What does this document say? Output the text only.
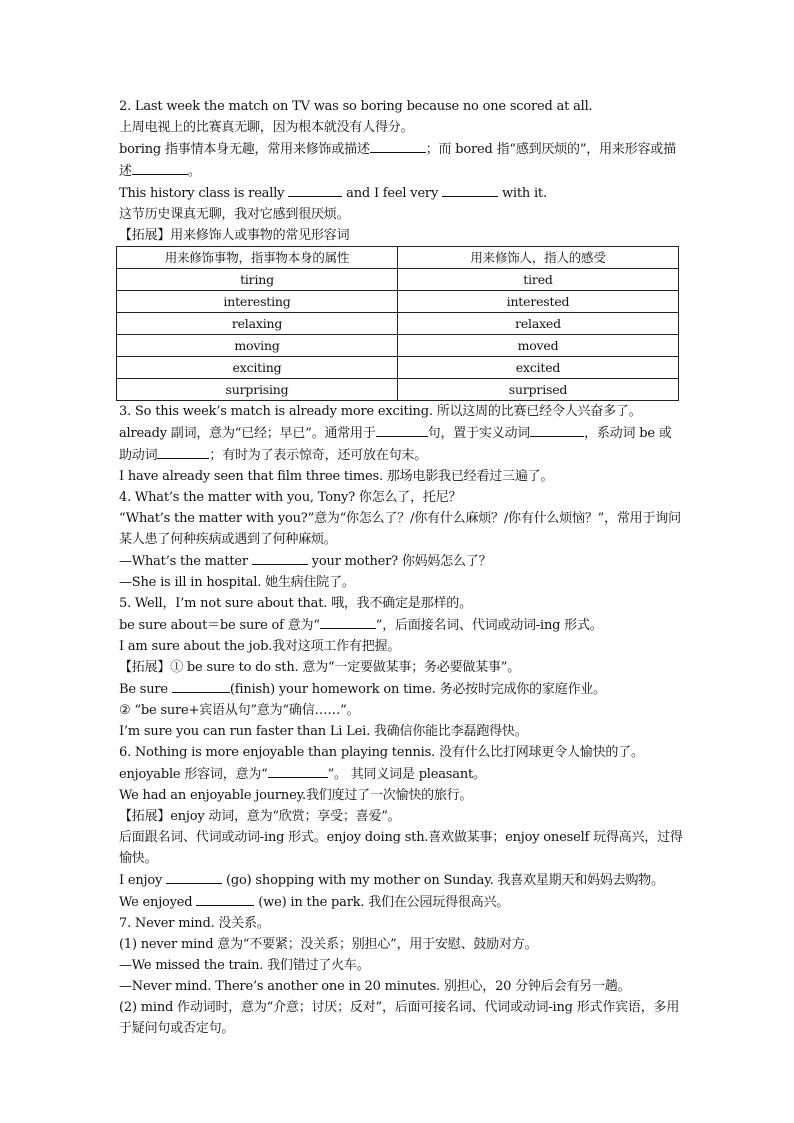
2. Last week the match on TV was so boring because no one scored at all.

上周电视上的比赛真无聊，因为根本就没有人得分。

boring 指事情本身无趣，常用来修饰或描述	；而 bored 指“感到厌烦的”，用来形容或描述	。

This history class is really	and I feel very	with it.

这节历史课真无聊，我对它感到很厌烦。

【拓展】用来修饰人或事物的常见形容词

用来修饰事物，指事物本身的属性	用来修饰人，指人的感受
tiring	tired
interesting	interested
relaxing	relaxed
moving	moved
exciting	excited
surprising	surprised

3. So this week’s match is already more exciting. 所以这周的比赛已经令人兴奋多了。

already 副词，意为“已经；早已”。通常用于	句，置于实义动词	，系动词 be 或助动词	；有时为了表示惊奇，还可放在句末。

I have already seen that film three times. 那场电影我已经看过三遍了。

4. What’s the matter with you, Tony? 你怎么了，托尼？

“What’s the matter with you?”意为“你怎么了？/你有什么麻烦？/你有什么烦恼？”，常用于询问某人患了何种疾病或遇到了何种麻烦。

—What’s the matter	your mother? 你妈妈怎么了？

—She is ill in hospital. 她生病住院了。

5. Well，I’m not sure about that. 哦，我不确定是那样的。

be sure about＝be sure of 意为“	”，后面接名词、代词或动词-ing 形式。

I am sure about the job.我对这项工作有把握。

【拓展】① be sure to do sth. 意为“一定要做某事；务必要做某事”。

Be sure	(finish) your homework on time. 务必按时完成你的家庭作业。

② “be sure+宾语从句”意为“确信……”。

I’m sure you can run faster than Li Lei. 我确信你能比李磊跑得快。

6. Nothing is more enjoyable than playing tennis. 没有什么比打网球更令人愉快的了。

enjoyable 形容词，意为“	”。 其同义词是 pleasant。

We had an enjoyable journey.我们度过了一次愉快的旅行。

【拓展】enjoy 动词，意为“欣赏；享受；喜爱”。

后面跟名词、代词或动词-ing 形式。enjoy doing sth.喜欢做某事；enjoy oneself 玩得高兴，过得愉快。

I enjoy	(go) shopping with my mother on Sunday. 我喜欢星期天和妈妈去购物。

We enjoyed	(we) in the park. 我们在公园玩得很高兴。

7. Never mind. 没关系。

(1) never mind 意为“不要紧；没关系；别担心”，用于安慰、鼓励对方。

—We missed the train. 我们错过了火车。

—Never mind. There’s another one in 20 minutes. 别担心，20 分钟后会有另一趟。

(2) mind 作动词时，意为“介意；讨厌；反对”，后面可接名词、代词或动词-ing 形式作宾语，多用于疑问句或否定句。
